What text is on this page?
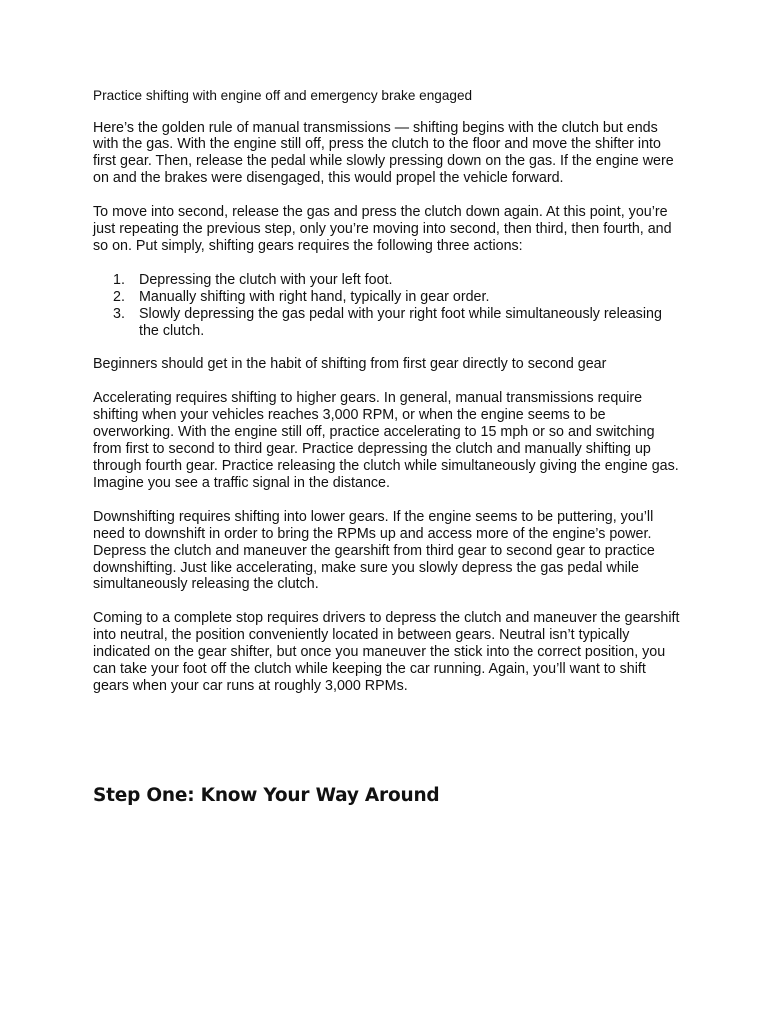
Practice shifting with engine off and emergency brake engaged

Here’s the golden rule of manual transmissions — shifting begins with the clutch but ends with the gas. With the engine still off, press the clutch to the floor and move the shifter into first gear. Then, release the pedal while slowly pressing down on the gas. If the engine were on and the brakes were disengaged, this would propel the vehicle forward.

To move into second, release the gas and press the clutch down again. At this point, you’re just repeating the previous step, only you’re moving into second, then third, then fourth, and so on. Put simply, shifting gears requires the following three actions:

1. Depressing the clutch with your left foot.
2. Manually shifting with right hand, typically in gear order.
3. Slowly depressing the gas pedal with your right foot while simultaneously releasing the clutch.

Beginners should get in the habit of shifting from first gear directly to second gear

Accelerating requires shifting to higher gears. In general, manual transmissions require shifting when your vehicles reaches 3,000 RPM, or when the engine seems to be overworking. With the engine still off, practice accelerating to 15 mph or so and switching from first to second to third gear. Practice depressing the clutch and manually shifting up through fourth gear. Practice releasing the clutch while simultaneously giving the engine gas. Imagine you see a traffic signal in the distance.

Downshifting requires shifting into lower gears. If the engine seems to be puttering, you’ll need to downshift in order to bring the RPMs up and access more of the engine’s power. Depress the clutch and maneuver the gearshift from third gear to second gear to practice downshifting. Just like accelerating, make sure you slowly depress the gas pedal while simultaneously releasing the clutch.

Coming to a complete stop requires drivers to depress the clutch and maneuver the gearshift into neutral, the position conveniently located in between gears. Neutral isn’t typically indicated on the gear shifter, but once you maneuver the stick into the correct position, you can take your foot off the clutch while keeping the car running. Again, you’ll want to shift gears when your car runs at roughly 3,000 RPMs.

Step One: Know Your Way Around
